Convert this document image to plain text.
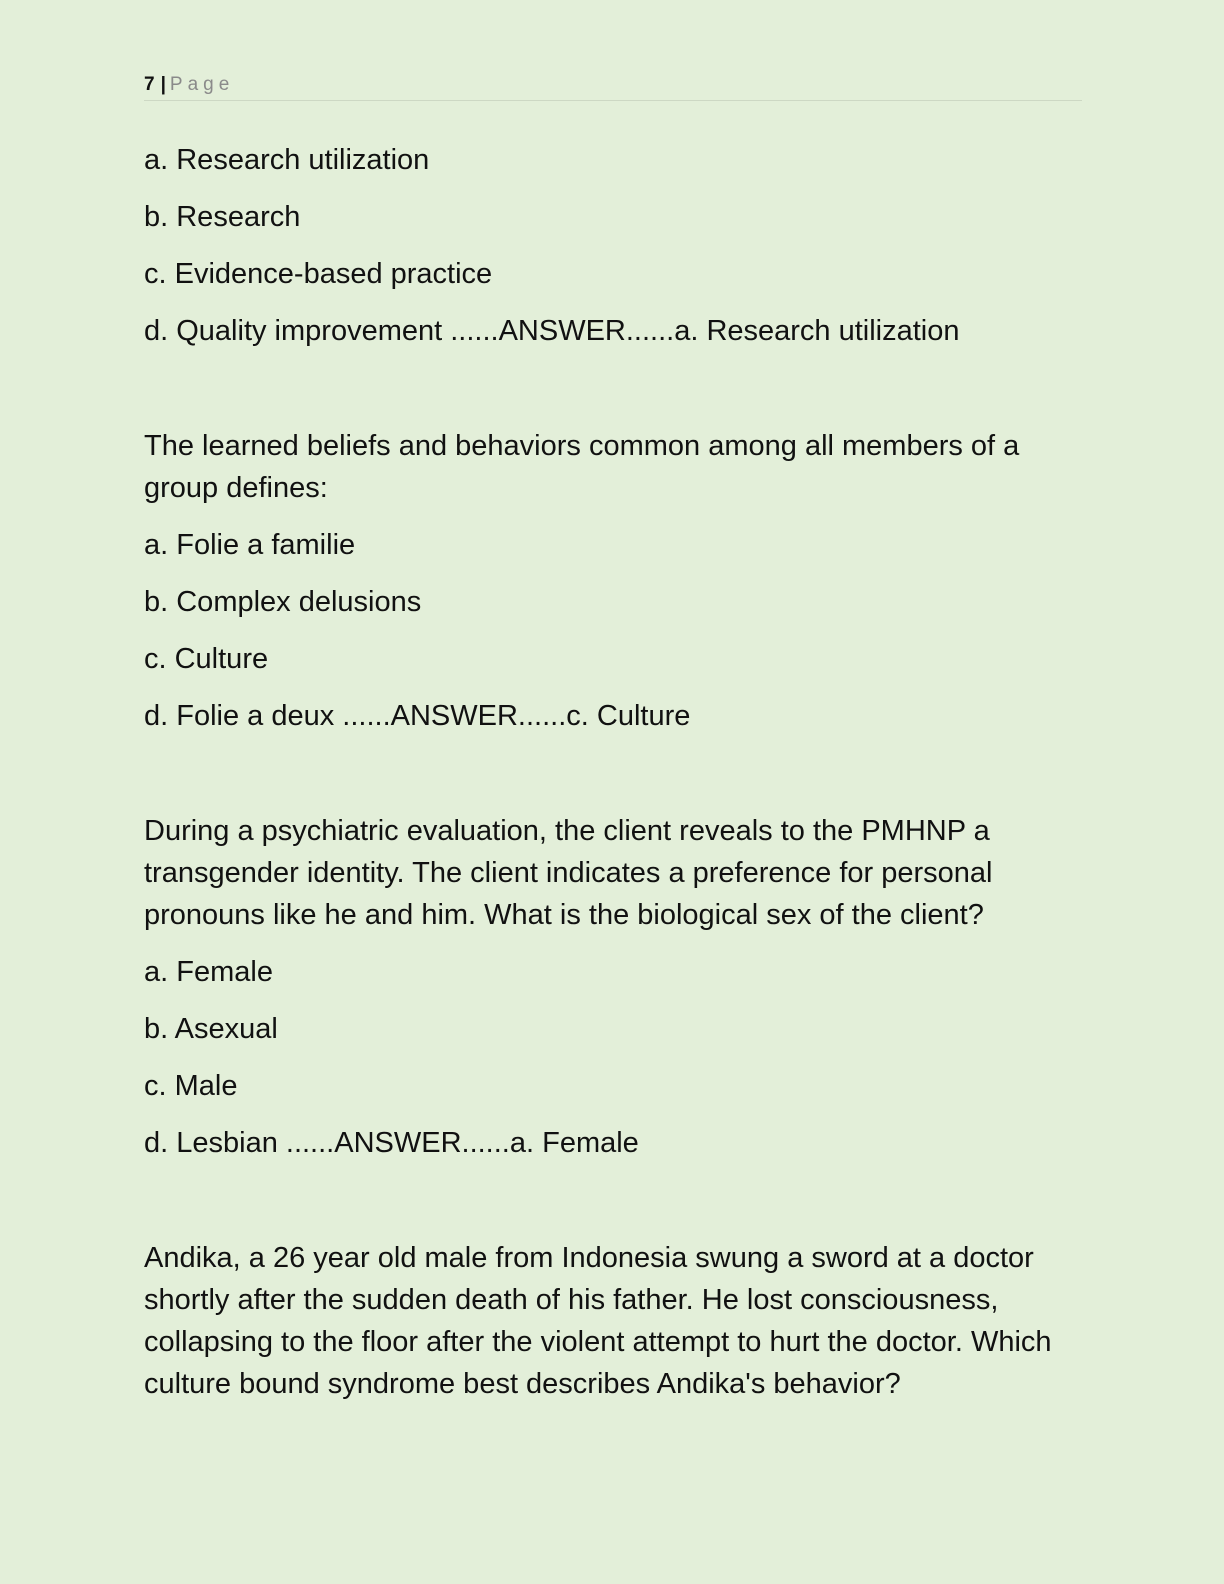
7 | Page

a. Research utilization

b. Research

c. Evidence-based practice

d. Quality improvement ......ANSWER......a. Research utilization

The learned beliefs and behaviors common among all members of a group defines:

a. Folie a familie

b. Complex delusions

c. Culture

d. Folie a deux ......ANSWER......c. Culture

During a psychiatric evaluation, the client reveals to the PMHNP a transgender identity. The client indicates a preference for personal pronouns like he and him. What is the biological sex of the client?

a. Female

b. Asexual

c. Male

d. Lesbian ......ANSWER......a. Female

Andika, a 26 year old male from Indonesia swung a sword at a doctor shortly after the sudden death of his father. He lost consciousness, collapsing to the floor after the violent attempt to hurt the doctor. Which culture bound syndrome best describes Andika's behavior?
